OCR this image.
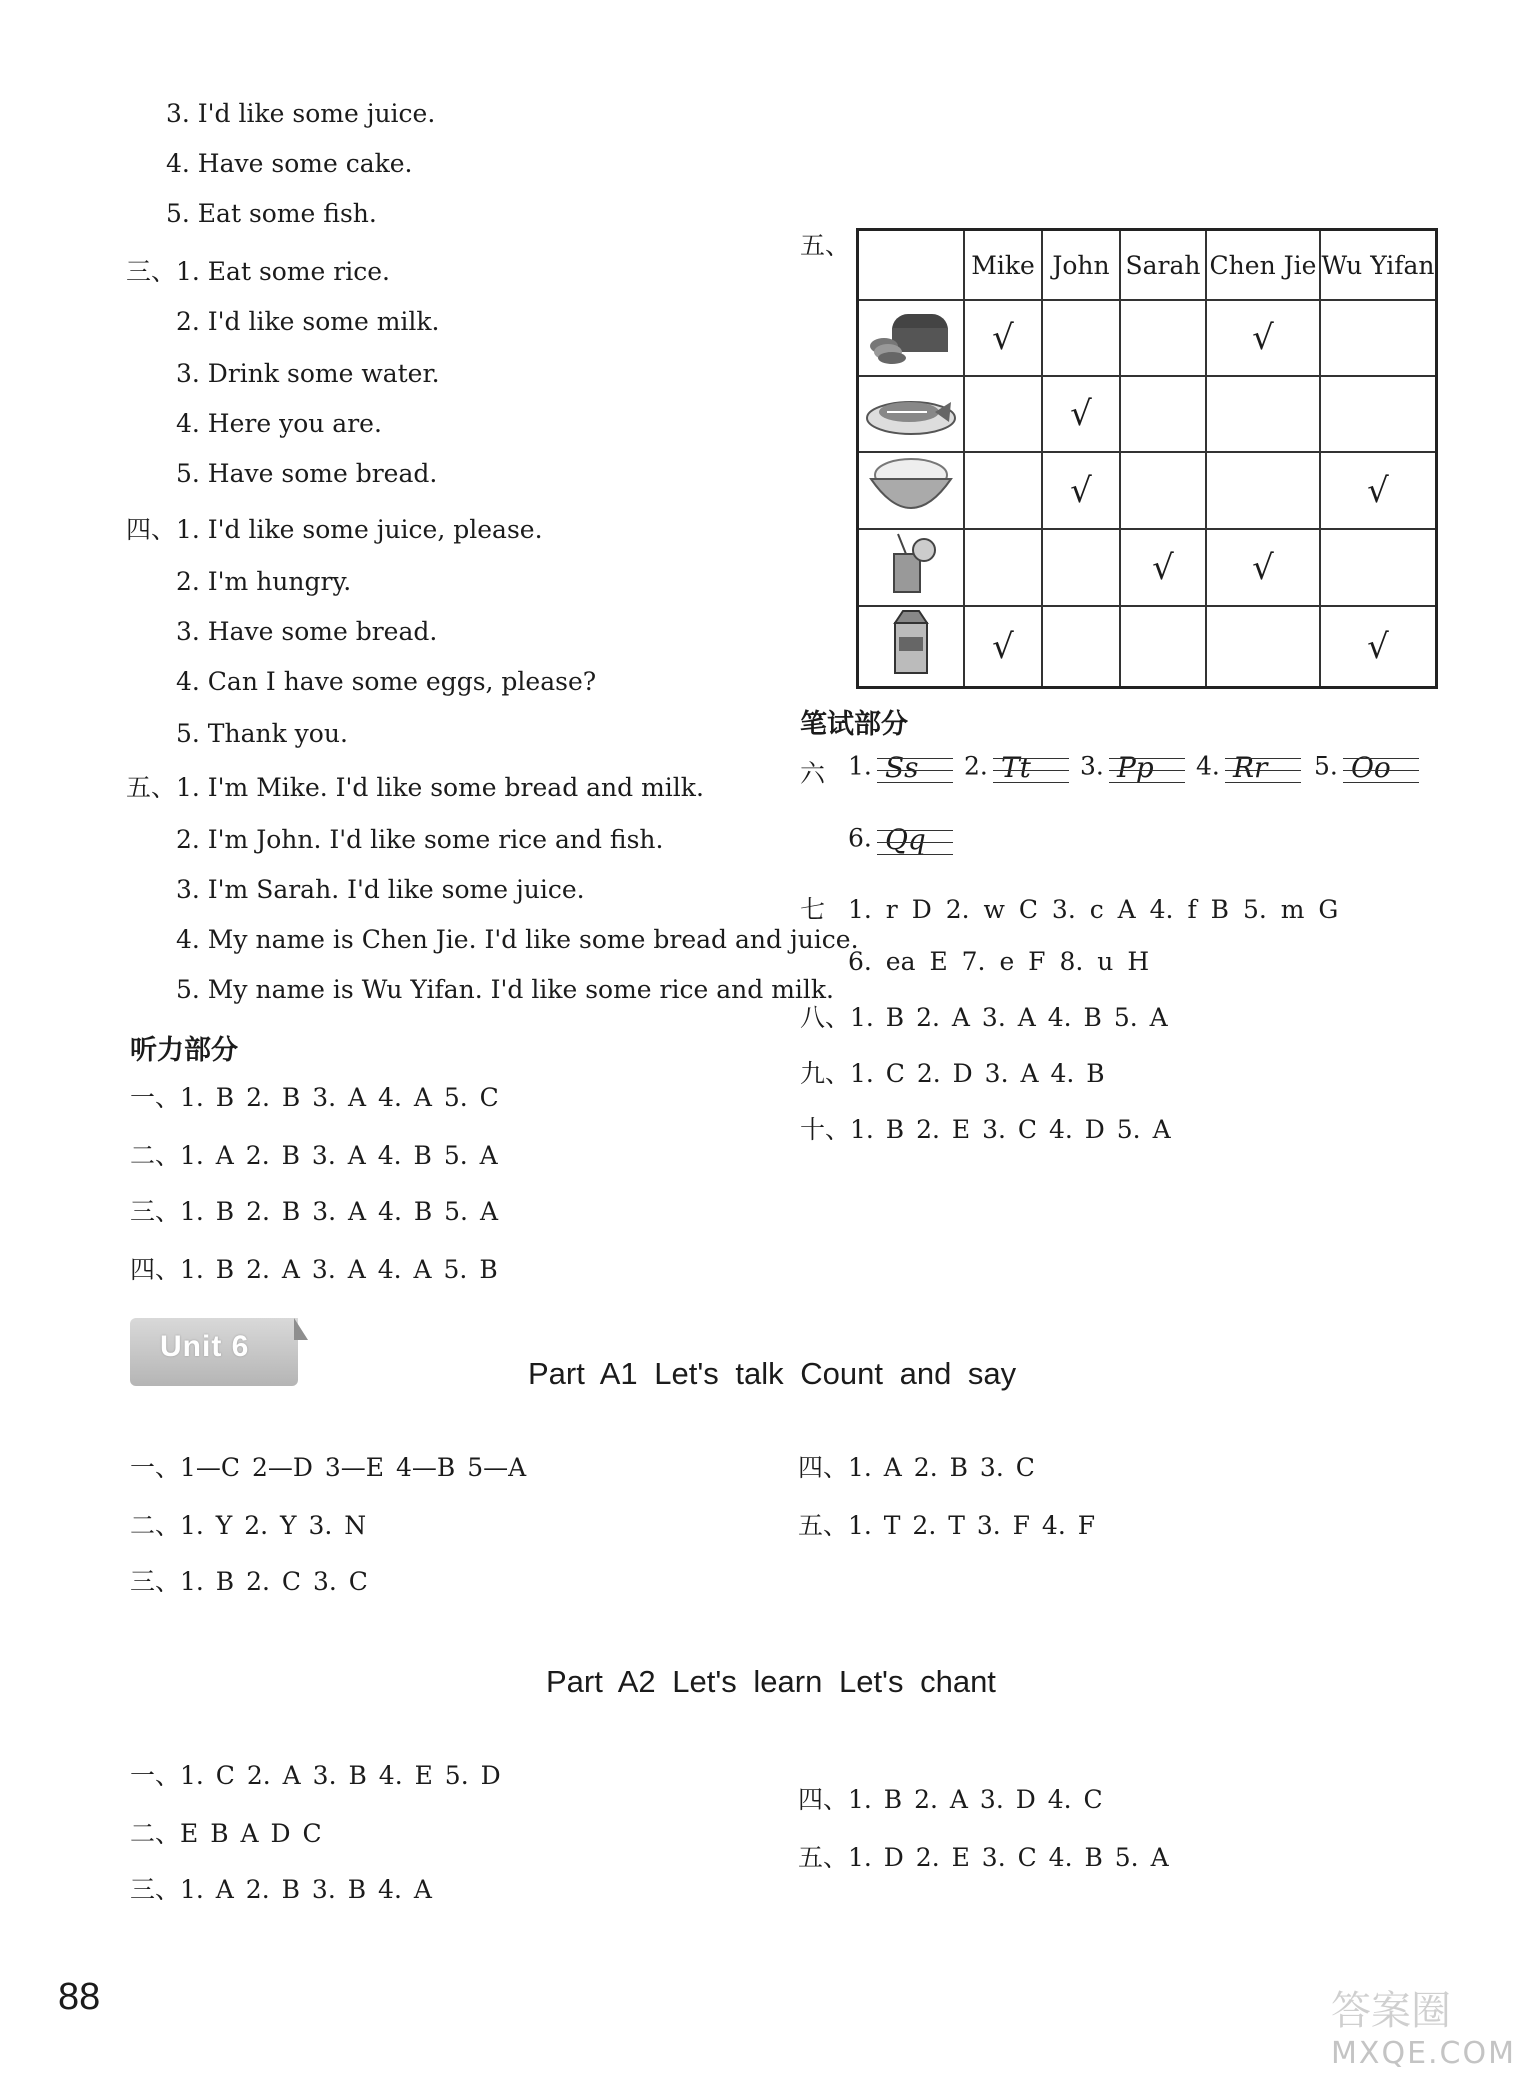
3. I'd like some juice.
4. Have some cake.
5. Eat some fish.
三、 1. Eat some rice.
2. I'd like some milk.
3. Drink some water.
4. Here you are.
5. Have some bread.
四、 1. I'd like some juice, please.
2. I'm hungry.
3. Have some bread.
4. Can I have some eggs, please?
5. Thank you.
五、 1. I'm Mike. I'd like some bread and milk.
2. I'm John. I'd like some rice and fish.
3. I'm Sarah. I'd like some juice.
4. My name is Chen Jie. I'd like some bread and juice.
5. My name is Wu Yifan. I'd like some rice and milk.
听力部分
一、1. B 2. B 3. A 4. A 5. C
二、1. A 2. B 3. A 4. B 5. A
三、1. B 2. B 3. A 4. B 5. A
四、1. B 2. A 3. A 4. A 5. B
五、
	Mike	John	Sarah	Chen Jie	Wu Yifan
	√			√	
		√			
		√			√
			√	√	
	√				√
笔试部分
六 1. Ss 2. Tt 3. Pp 4. Rr 5. Oo
6. Qq
七 1. r D 2. w C 3. c A 4. f B 5. m G
6. ea E 7. e F 8. u H
八、1. B 2. A 3. A 4. B 5. A
九、1. C 2. D 3. A 4. B
十、1. B 2. E 3. C 4. D 5. A
Unit 6
Part A1 Let's talk Count and say
一、1—C 2—D 3—E 4—B 5—A
二、1. Y 2. Y 3. N
三、1. B 2. C 3. C
四、1. A 2. B 3. C
五、1. T 2. T 3. F 4. F
Part A2 Let's learn Let's chant
一、1. C 2. A 3. B 4. E 5. D
二、E B A D C
三、1. A 2. B 3. B 4. A
四、1. B 2. A 3. D 4. C
五、1. D 2. E 3. C 4. B 5. A
88	答案圈
MXQE.COM
